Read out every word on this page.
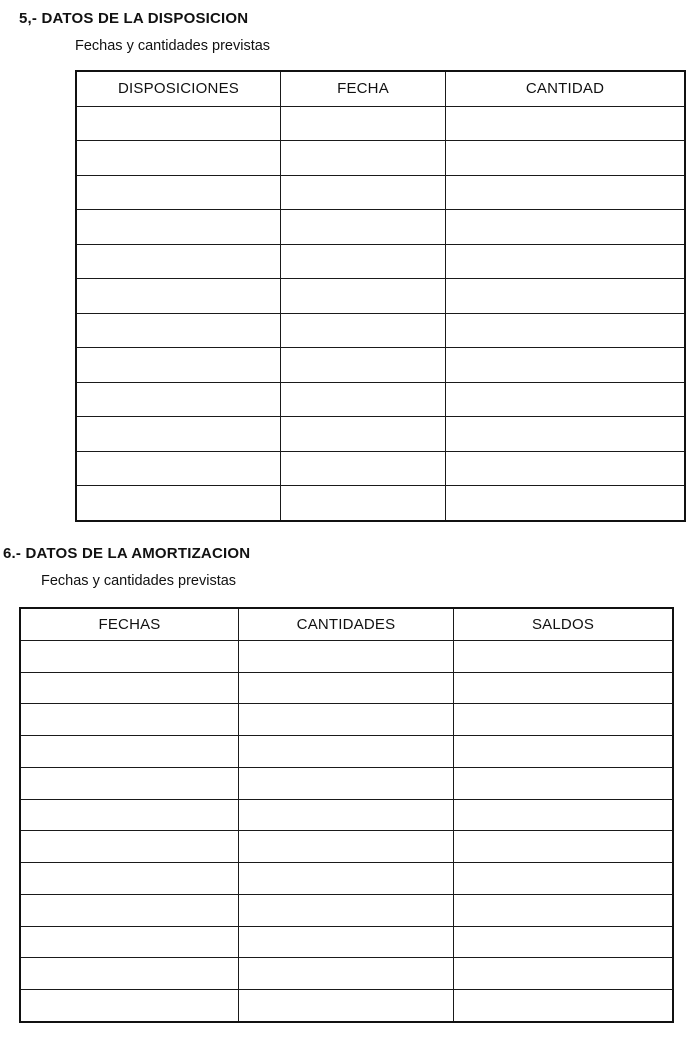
5,- DATOS DE LA DISPOSICION
Fechas y cantidades previstas
DISPOSICIONES	FECHA	CANTIDAD
6.- DATOS DE LA AMORTIZACION
Fechas y cantidades previstas
FECHAS	CANTIDADES	SALDOS
